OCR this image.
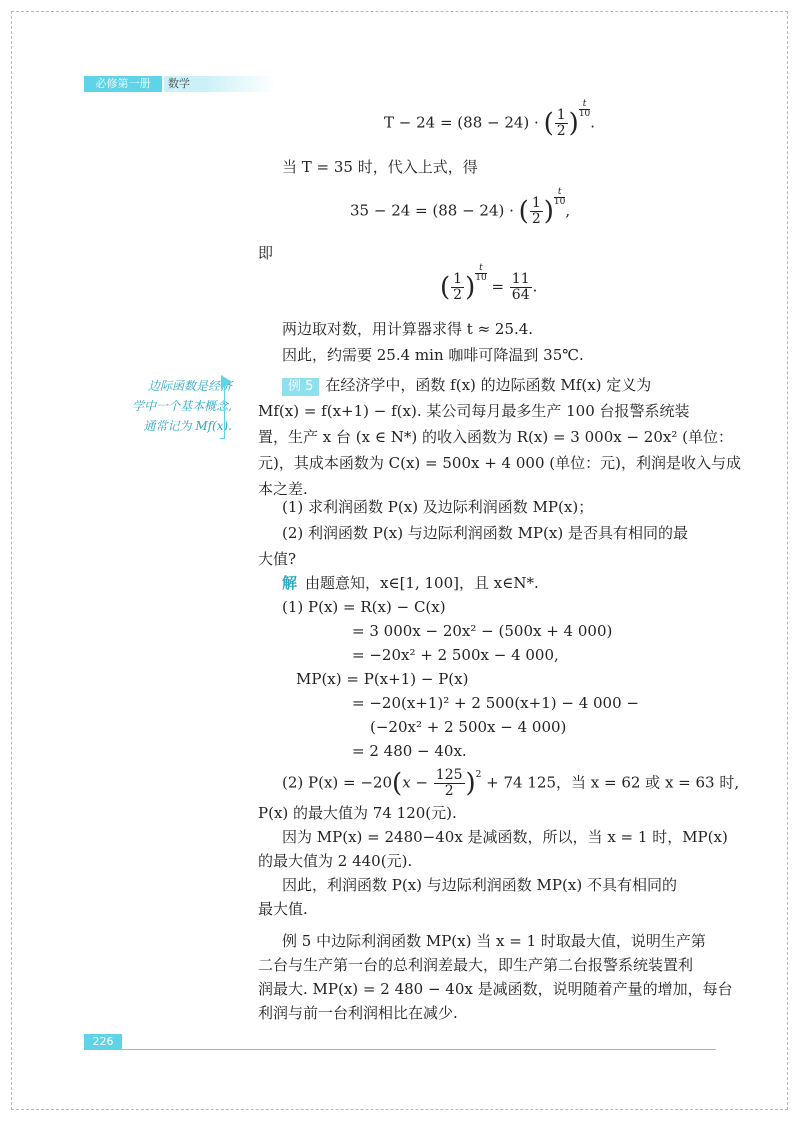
必修第一册	数学
T − 24 = (88 − 24) · ( $\frac{1}{2}$ ) $\frac{t}{10}$
.
当 T = 35 时，代入上式，得
35 − 24 = (88 − 24) · ( $\frac{1}{2}$ ) $\frac{t}{10}$
,
即
( $\frac{1}{2}$ ) $\frac{t}{10}$
= $\frac{11}{64}$ .
两边取对数，用计算器求得 t ≈ 25.4.
因此，约需要 25.4 min 咖啡可降温到 35℃.
边际函数是经济
学中一个基本概念,
通常记为 Mf(x).
例 5 在经济学中，函数 f(x) 的边际函数 Mf(x) 定义为
Mf(x) = f(x+1) − f(x). 某公司每月最多生产 100 台报警系统装
置，生产 x 台 (x ∈ N*) 的收入函数为 R(x) = 3 000x − 20x² (单位：
元)，其成本函数为 C(x) = 500x + 4 000 (单位：元)，利润是收入与成
本之差.
(1) 求利润函数 P(x) 及边际利润函数 MP(x)；
(2) 利润函数 P(x) 与边际利润函数 MP(x) 是否具有相同的最
大值?
解 由题意知，x∈[1, 100]，且 x∈N*.
(1) P(x) = R(x) − C(x)
= 3 000x − 20x² − (500x + 4 000)
= −20x² + 2 500x − 4 000,
MP(x) = P(x+1) − P(x)
= −20(x+1)² + 2 500(x+1) − 4 000 −
(−20x² + 2 500x − 4 000)
= 2 480 − 40x.
(2) $P(x) = -20(x - \frac{125}{2} )^2 + 74$ 125，当 x = 62 或 x = 63 时,
P(x) 的最大值为 74 120(元).
因为 MP(x) = 2480−40x 是减函数，所以，当 x = 1 时，MP(x)
的最大值为 2 440(元).
因此，利润函数 P(x) 与边际利润函数 MP(x) 不具有相同的
最大值.
例 5 中边际利润函数 MP(x) 当 x = 1 时取最大值，说明生产第
二台与生产第一台的总利润差最大，即生产第二台报警系统装置利
润最大. MP(x) = 2 480 − 40x 是减函数，说明随着产量的增加，每台
利润与前一台利润相比在减少.
226
